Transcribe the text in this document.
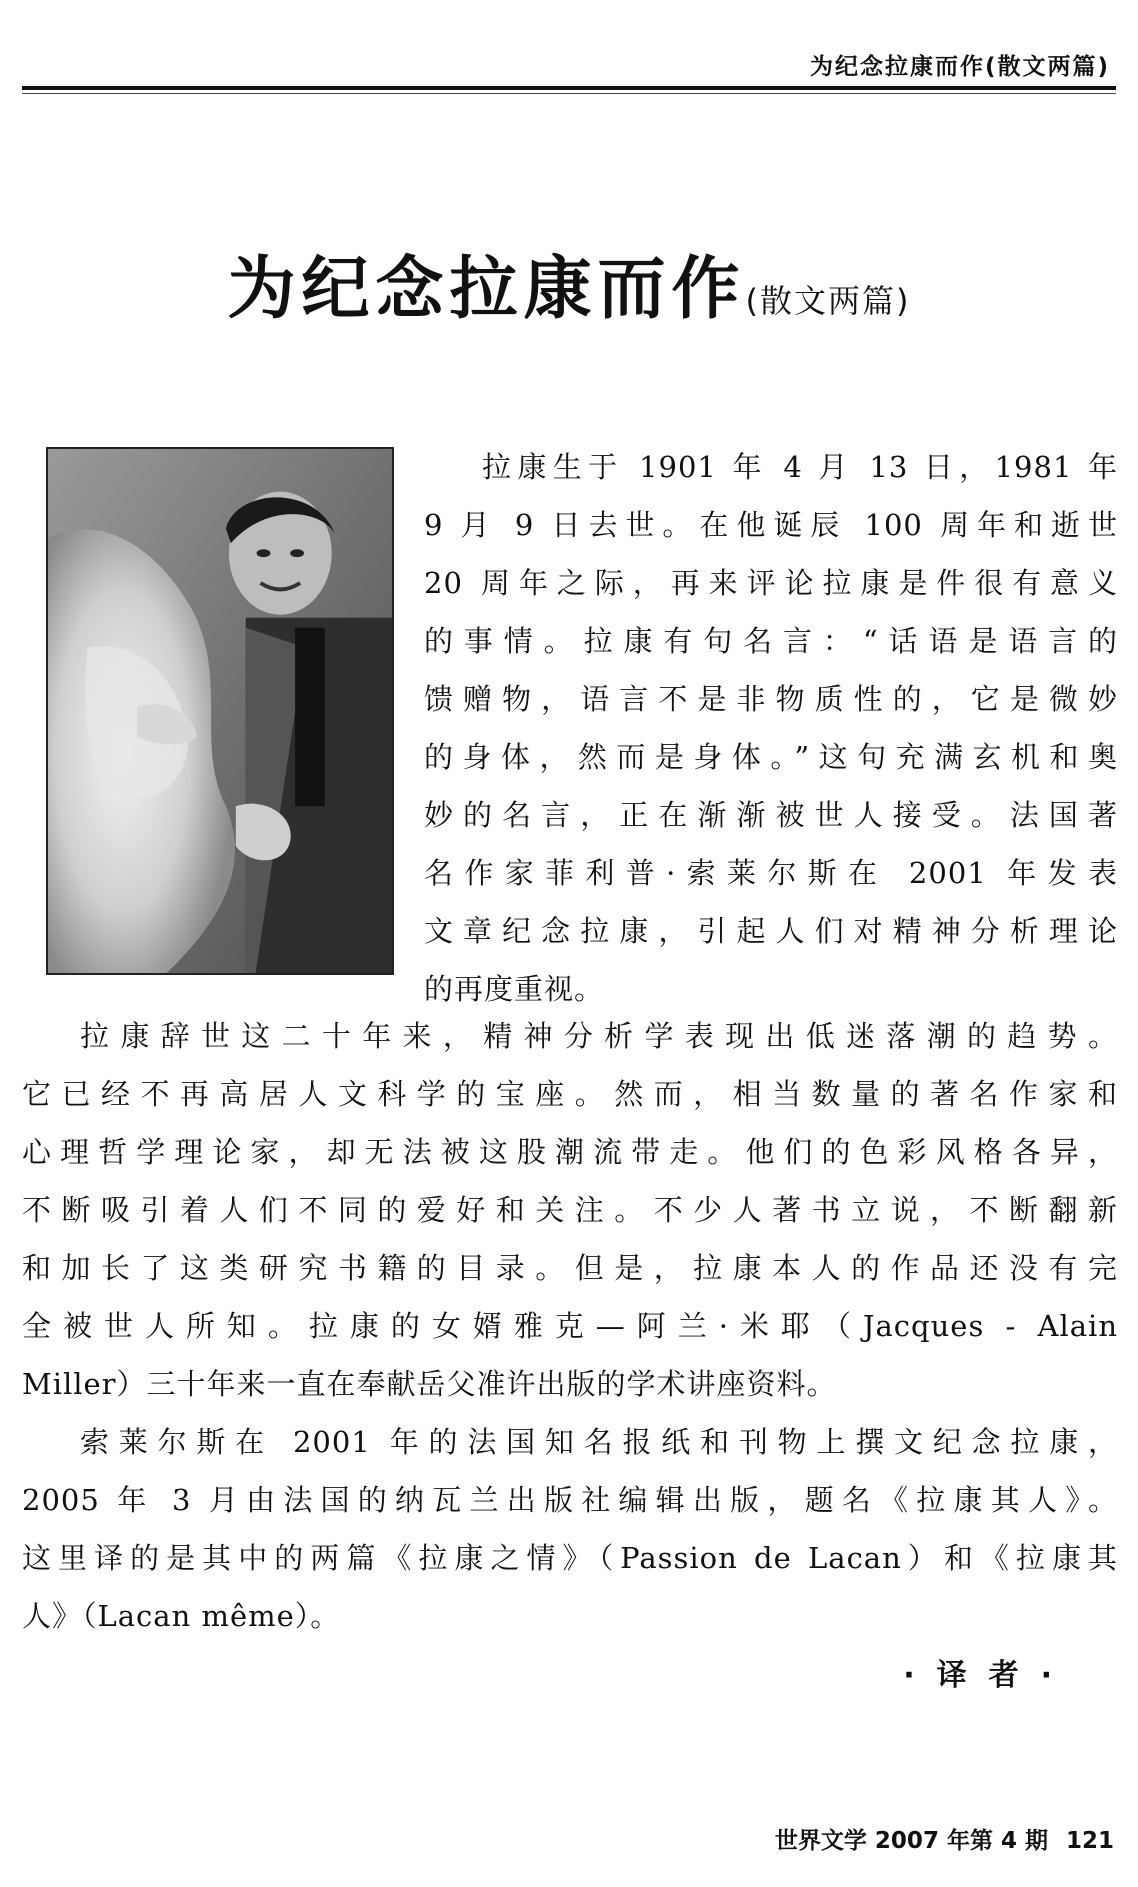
为纪念拉康而作(散文两篇)
为纪念拉康而作(散文两篇)
拉康生于 1901 年 4 月 13 日，1981 年
9 月 9 日去世。在他诞辰 100 周年和逝世
20 周年之际，再来评论拉康是件很有意义
的事情。拉康有句名言：“话语是语言的
馈赠物，语言不是非物质性的，它是微妙
的身体，然而是身体。”这句充满玄机和奥
妙的名言，正在渐渐被世人接受。法国著
名作家菲利普·索莱尔斯在 2001 年发表
文章纪念拉康，引起人们对精神分析理论
的再度重视。
拉康辞世这二十年来，精神分析学表现出低迷落潮的趋势。
它已经不再高居人文科学的宝座。然而，相当数量的著名作家和
心理哲学理论家，却无法被这股潮流带走。他们的色彩风格各异，
不断吸引着人们不同的爱好和关注。不少人著书立说，不断翻新
和加长了这类研究书籍的目录。但是，拉康本人的作品还没有完
全被世人所知。拉康的女婿雅克—阿兰·米耶（Jacques - Alain
Miller）三十年来一直在奉献岳父准许出版的学术讲座资料。
索莱尔斯在 2001 年的法国知名报纸和刊物上撰文纪念拉康，
2005 年 3 月由法国的纳瓦兰出版社编辑出版，题名《拉康其人》。
这里译的是其中的两篇《拉康之情》（Passion de Lacan）和《拉康其
人》（Lacan même）。
·译者·
世界文学 2007 年第 4 期 121
